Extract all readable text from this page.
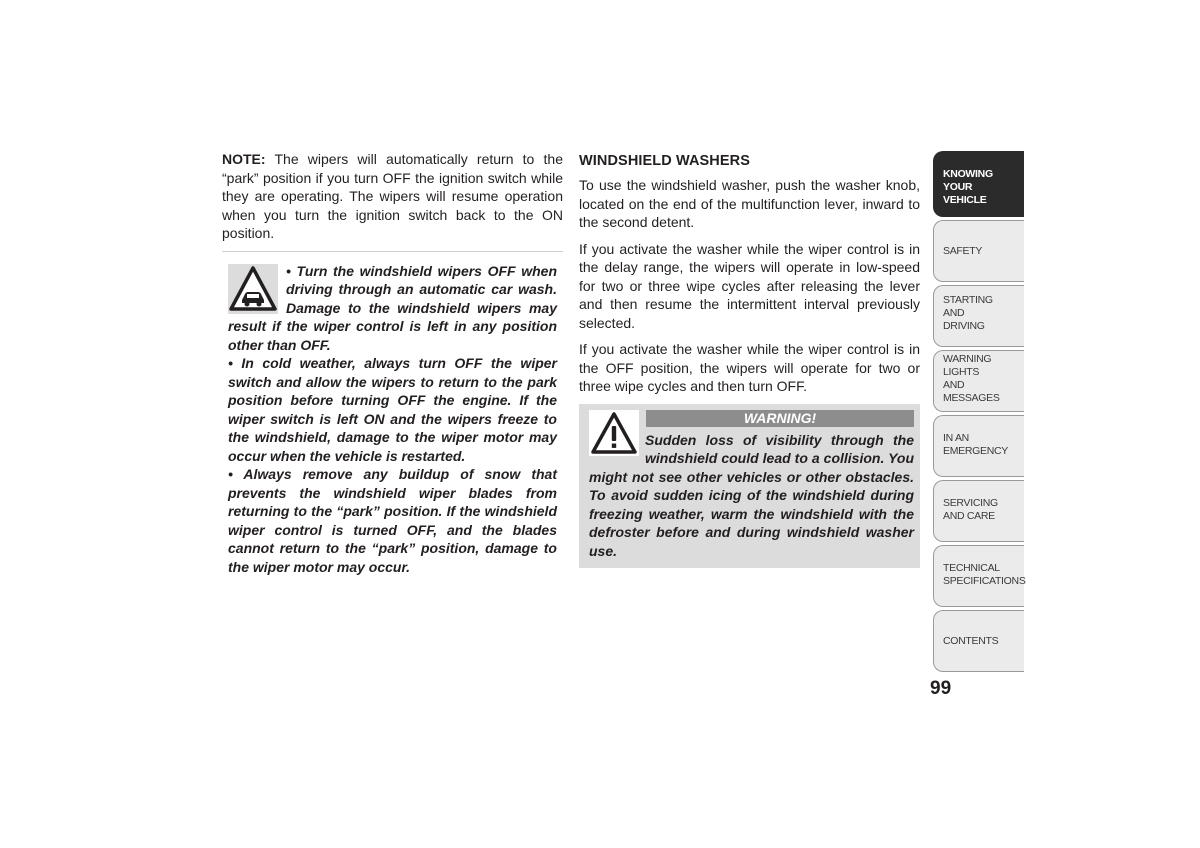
NOTE: The wipers will automatically return to the “park” position if you turn OFF the ignition switch while they are operating. The wipers will resume operation when you turn the ignition switch back to the ON position.

• Turn the windshield wipers OFF when driving through an automatic car wash. Damage to the windshield wipers may result if the wiper control is left in any position other than OFF.

• In cold weather, always turn OFF the wiper switch and allow the wipers to return to the park position before turning OFF the engine. If the wiper switch is left ON and the wipers freeze to the windshield, damage to the wiper motor may occur when the vehicle is restarted.

• Always remove any buildup of snow that prevents the windshield wiper blades from returning to the “park” position. If the windshield wiper control is turned OFF, and the blades cannot return to the “park” position, damage to the wiper motor may occur.

WINDSHIELD WASHERS

To use the windshield washer, push the washer knob, located on the end of the multifunction lever, inward to the second detent.

If you activate the washer while the wiper control is in the delay range, the wipers will operate in low-speed for two or three wipe cycles after releasing the lever and then resume the intermittent interval previously selected.

If you activate the washer while the wiper control is in the OFF position, the wipers will operate for two or three wipe cycles and then turn OFF.

WARNING!

Sudden loss of visibility through the windshield could lead to a collision. You might not see other vehicles or other obstacles. To avoid sudden icing of the windshield during freezing weather, warm the windshield with the defroster before and during windshield washer use.

KNOWING
YOUR
VEHICLE
SAFETY
STARTING
AND
DRIVING
WARNING
LIGHTS
AND
MESSAGES
IN AN
EMERGENCY
SERVICING
AND CARE
TECHNICAL
SPECIFICATIONS
CONTENTS
99
